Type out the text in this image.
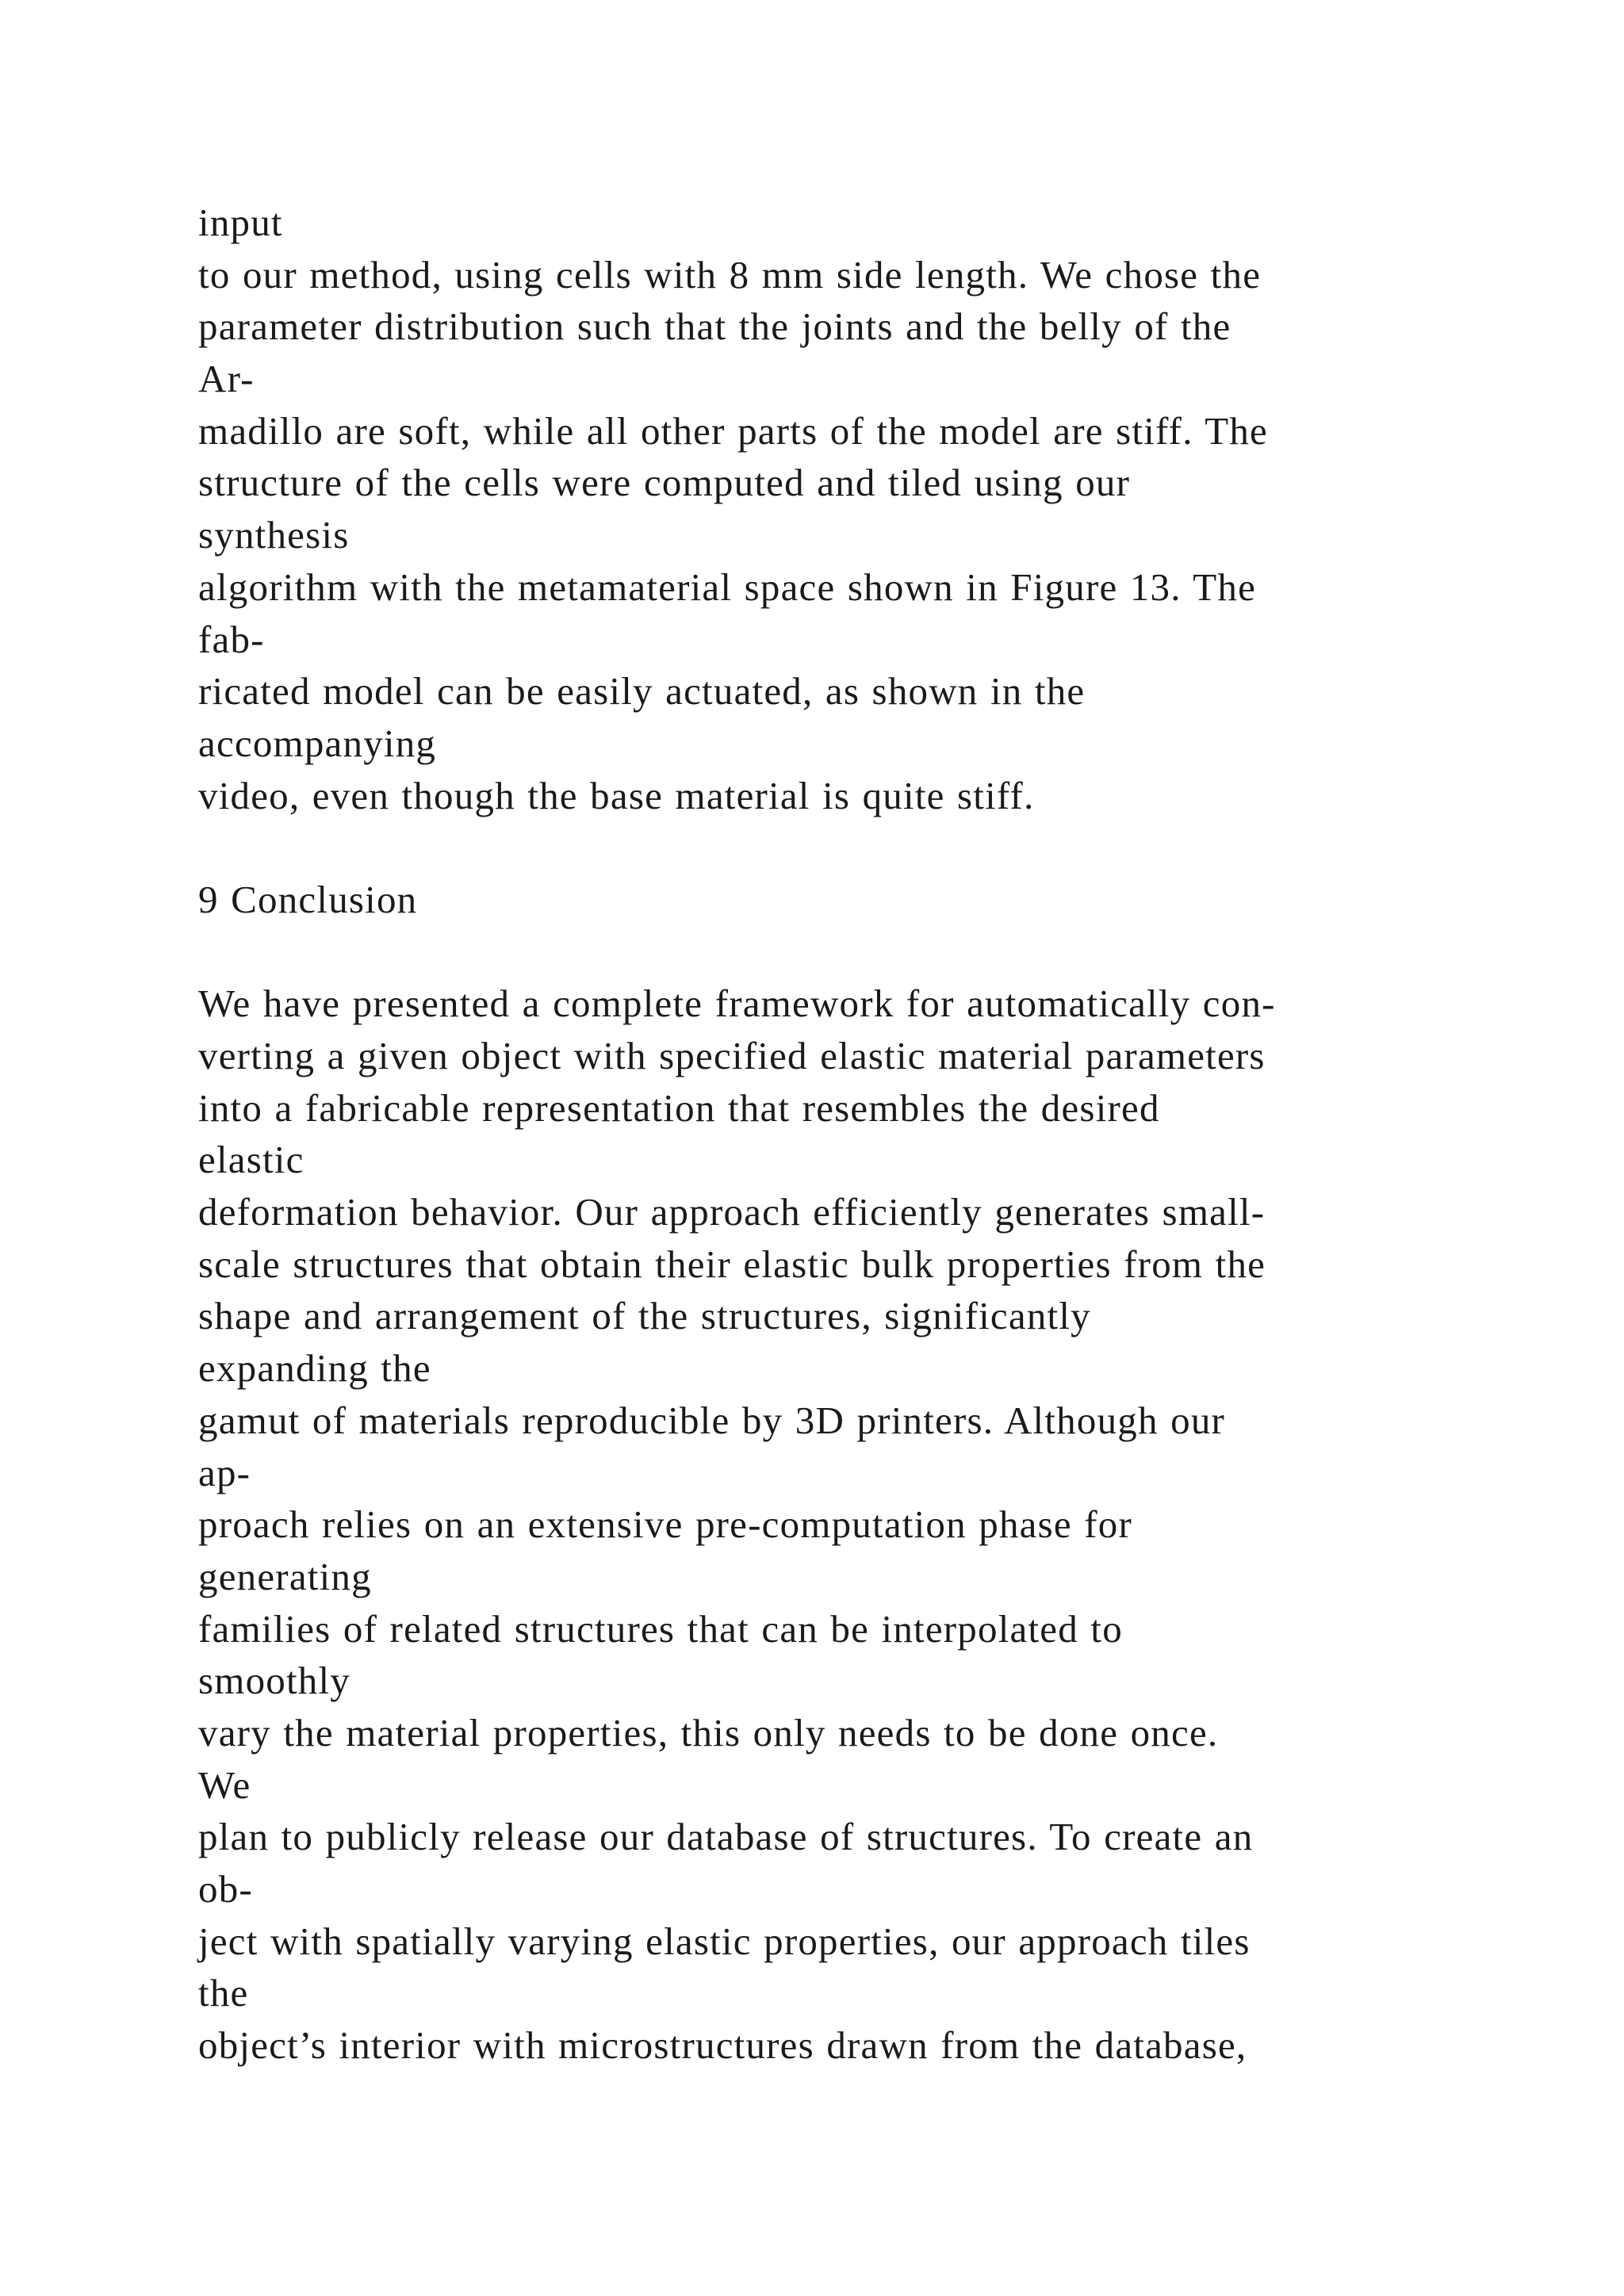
input
to our method, using cells with 8 mm side length. We chose the
parameter distribution such that the joints and the belly of the
Ar-
madillo are soft, while all other parts of the model are stiff. The
structure of the cells were computed and tiled using our
synthesis
algorithm with the metamaterial space shown in Figure 13. The
fab-
ricated model can be easily actuated, as shown in the
accompanying
video, even though the base material is quite stiff.
9 Conclusion
We have presented a complete framework for automatically con-
verting a given object with specified elastic material parameters
into a fabricable representation that resembles the desired
elastic
deformation behavior. Our approach efficiently generates small-
scale structures that obtain their elastic bulk properties from the
shape and arrangement of the structures, significantly
expanding the
gamut of materials reproducible by 3D printers. Although our
ap-
proach relies on an extensive pre-computation phase for
generating
families of related structures that can be interpolated to
smoothly
vary the material properties, this only needs to be done once.
We
plan to publicly release our database of structures. To create an
ob-
ject with spatially varying elastic properties, our approach tiles
the
object’s interior with microstructures drawn from the database,
